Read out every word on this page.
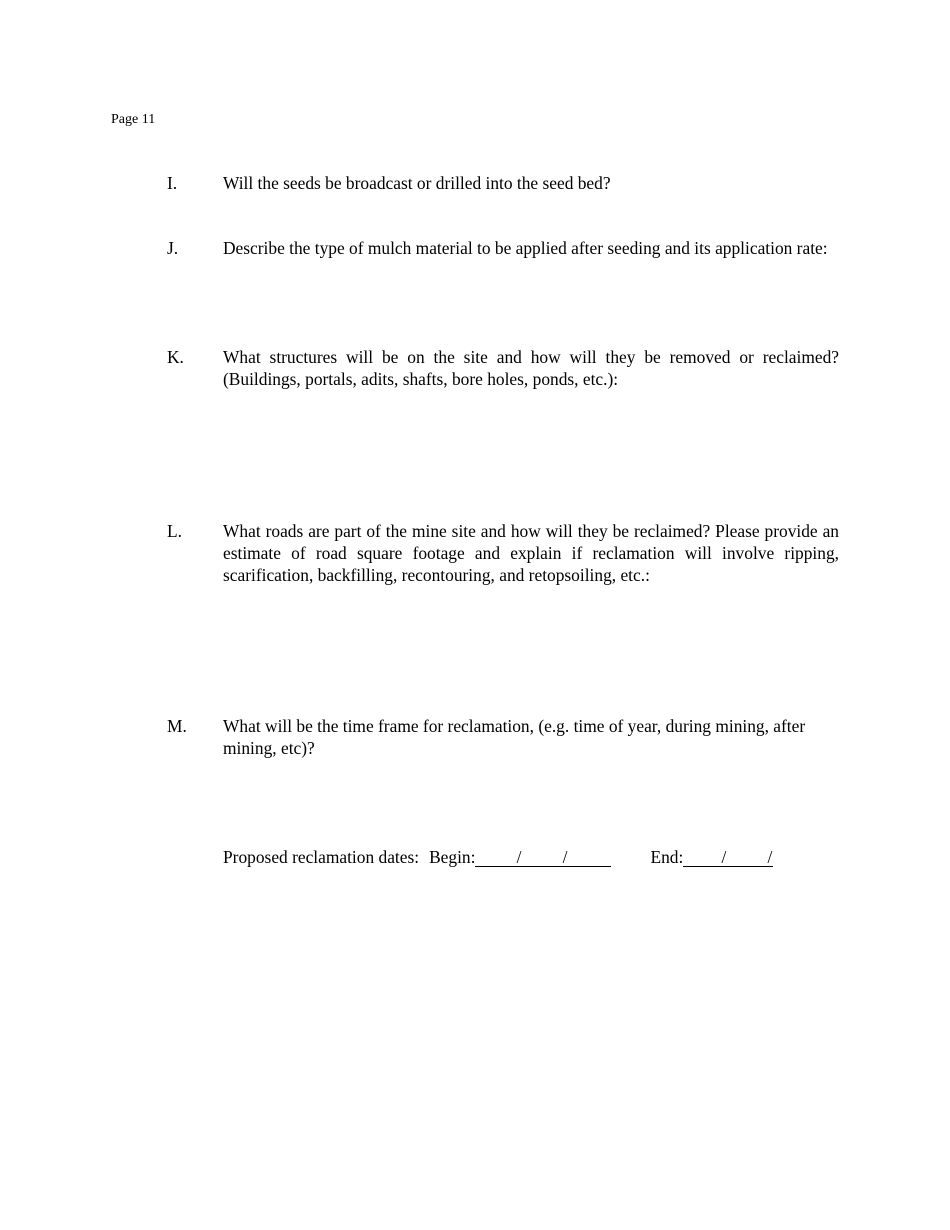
Page 11
I.	Will the seeds be broadcast or drilled into the seed bed?
J.	Describe the type of mulch material to be applied after seeding and its application rate:
K.	What structures will be on the site and how will they be removed or reclaimed? (Buildings, portals, adits, shafts, bore holes, ponds, etc.):
L.	What roads are part of the mine site and how will they be reclaimed? Please provide an estimate of road square footage and explain if reclamation will involve ripping, scarification, backfilling, recontouring, and retopsoiling, etc.:
M.	What will be the time frame for reclamation, (e.g. time of year, during mining, after mining, etc)?
Proposed reclamation dates: Begin:	/	/	End:	/	/
